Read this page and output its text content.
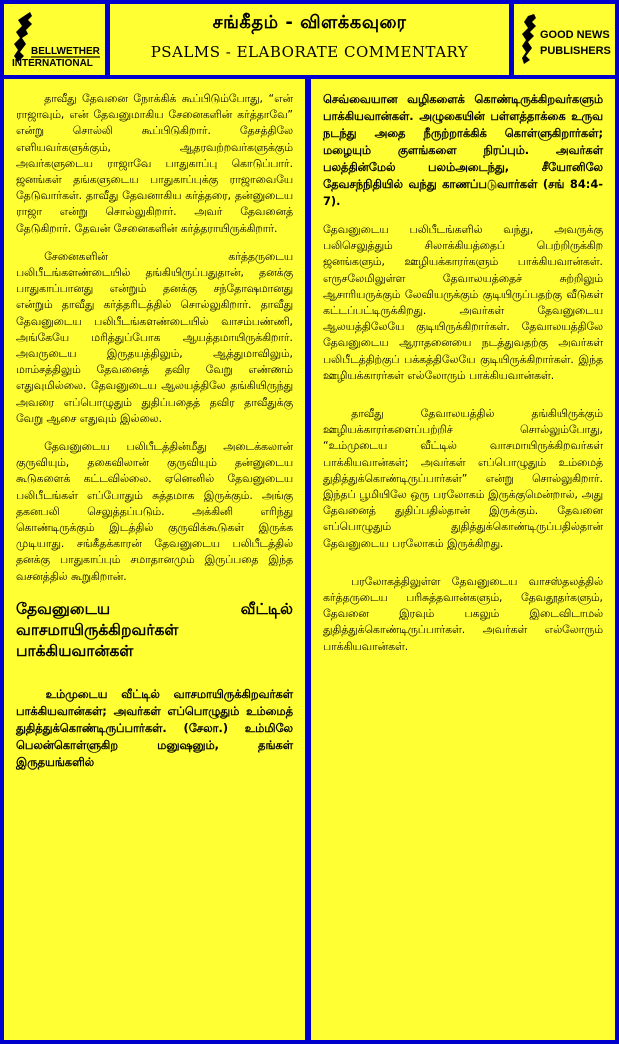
BELLWETHER
INTERNATIONAL
சங்கீதம் - விளக்கவுரை
PSALMS - ELABORATE COMMENTARY
GOOD NEWS
PUBLISHERS

தாவீது தேவனை நோக்கிக் கூப்பிடும்போது, “என் ராஜாவும், என் தேவனுமாகிய சேனைகளின் கர்த்தாவே” என்று சொல்லி கூப்பிடுகிறார். தேசத்திலே எளியவர்களுக்கும், ஆதரவற்றவர்களுக்கும் அவர்களுடைய ராஜாவே பாதுகாப்பு கொடுப்பார். ஜனங்கள் தங்களுடைய பாதுகாப்புக்கு ராஜாவையே தேடுவார்கள். தாவீது தேவனாகிய கர்த்தரை, தன்னுடைய ராஜா என்று சொல்லுகிறார். அவர் தேவனைத் தேடுகிறார். தேவன் சேனைகளின் கர்த்தராயிருக்கிறார்.

சேனைகளின் கர்த்தருடைய பலிபீடங்களண்டையில் தங்கியிருப்பதுதான், தனக்கு பாதுகாப்பானது என்றும் தனக்கு சந்தோஷமானது என்றும் தாவீது கர்த்தரிடத்தில் சொல்லுகிறார். தாவீது தேவனுடைய பலிபீடங்களண்டையில் வாசம்பண்ணி, அங்கேயே மரித்துப்போக ஆயத்தமாயிருக்கிறார். அவருடைய இருதயத்திலும், ஆத்துமாவிலும், மாம்சத்திலும் தேவனைத் தவிர வேறு எண்ணம் எதுவுமில்லை. தேவனுடைய ஆலயத்திலே தங்கியிருந்து அவரை எப்பொழுதும் துதிப்பதைத் தவிர தாவீதுக்கு வேறு ஆசை எதுவும் இல்லை.

தேவனுடைய பலிபீடத்தின்மீது அடைக்கலான் குருவியும், தகைவிலான் குருவியும் தன்னுடைய கூடுகளைக் கட்டவில்லை. ஏனெனில் தேவனுடைய பலிபீடங்கள் எப்போதும் சுத்தமாக இருக்கும். அங்கு தகனபலி செலுத்தப்படும். அக்கினி எரிந்து கொண்டிருக்கும் இடத்தில் குருவிக்கூடுகள் இருக்க முடியாது. சங்கீதக்காரன் தேவனுடைய பலிபீடத்தில் தனக்கு பாதுகாப்பும் சமாதானமும் இருப்பதை இந்த வசனத்தில் கூறுகிறான்.

தேவனுடைய வீட்டில் வாசமாயிருக்கிறவர்கள் பாக்கியவான்கள்

உம்முடைய வீட்டில் வாசமாயிருக்கிறவர்கள் பாக்கியவான்கள்; அவர்கள் எப்பொழுதும் உம்மைத் துதித்துக்கொண்டிருப்பார்கள். (சேலா.) உம்மிலே பெலன்கொள்ளுகிற மனுஷனும், தங்கள் இருதயங்களில்

செவ்வையான வழிகளைக் கொண்டிருக்கிறவர்களும் பாக்கியவான்கள். அழுகையின் பள்ளத்தாக்கை உருவ நடந்து அதை நீருற்றாக்கிக் கொள்ளுகிறார்கள்; மழையும் குளங்களை நிரப்பும். அவர்கள் பலத்தின்மேல் பலம்அடைந்து, சீயோனிலே தேவசந்நிதியில் வந்து காணப்படுவார்கள் (சங் 84:4-7).

தேவனுடைய பலிபீடங்களில் வந்து, அவருக்கு பலிசெலுத்தும் சிலாக்கியத்தைப் பெற்றிருக்கிற ஜனங்களும், ஊழியக்காரர்களும் பாக்கியவான்கள். எருசலேமிலுள்ள தேவாலயத்தைச் சுற்றிலும் ஆசாரியருக்கும் லேவியருக்கும் குடியிருப்பதற்கு வீடுகள் கட்டப்பட்டிருக்கிறது. அவர்கள் தேவனுடைய ஆலயத்திலேயே குடியிருக்கிறார்கள். தேவாலயத்திலே தேவனுடைய ஆராதனையை நடத்துவதற்கு அவர்கள் பலிபீடத்திற்குப் பக்கத்திலேயே குடியிருக்கிறார்கள். இந்த ஊழியக்காரர்கள் எல்லோரும் பாக்கியவான்கள்.

தாவீது தேவாலயத்தில் தங்கியிருக்கும் ஊழியக்காரர்களைப்பற்றிச் சொல்லும்போது, “உம்முடைய வீட்டில் வாசமாயிருக்கிறவர்கள் பாக்கியவான்கள்; அவர்கள் எப்பொழுதும் உம்மைத் துதித்துக்கொண்டிருப்பார்கள்” என்று சொல்லுகிறார். இந்தப் பூமியிலே ஒரு பரலோகம் இருக்குமென்றால், அது தேவனைத் துதிப்பதில்தான் இருக்கும். தேவனை எப்பொழுதும் துதித்துக்கொண்டிருப்பதில்தான் தேவனுடைய பரலோகம் இருக்கிறது.

பரலோகத்திலுள்ள தேவனுடைய வாசஸ்தலத்தில் கர்த்தருடைய பரிசுத்தவான்களும், தேவதூதர்களும், தேவனை இரவும் பகலும் இடைவிடாமல் துதித்துக்கொண்டிருப்பார்கள். அவர்கள் எல்லோரும் பாக்கியவான்கள்.
